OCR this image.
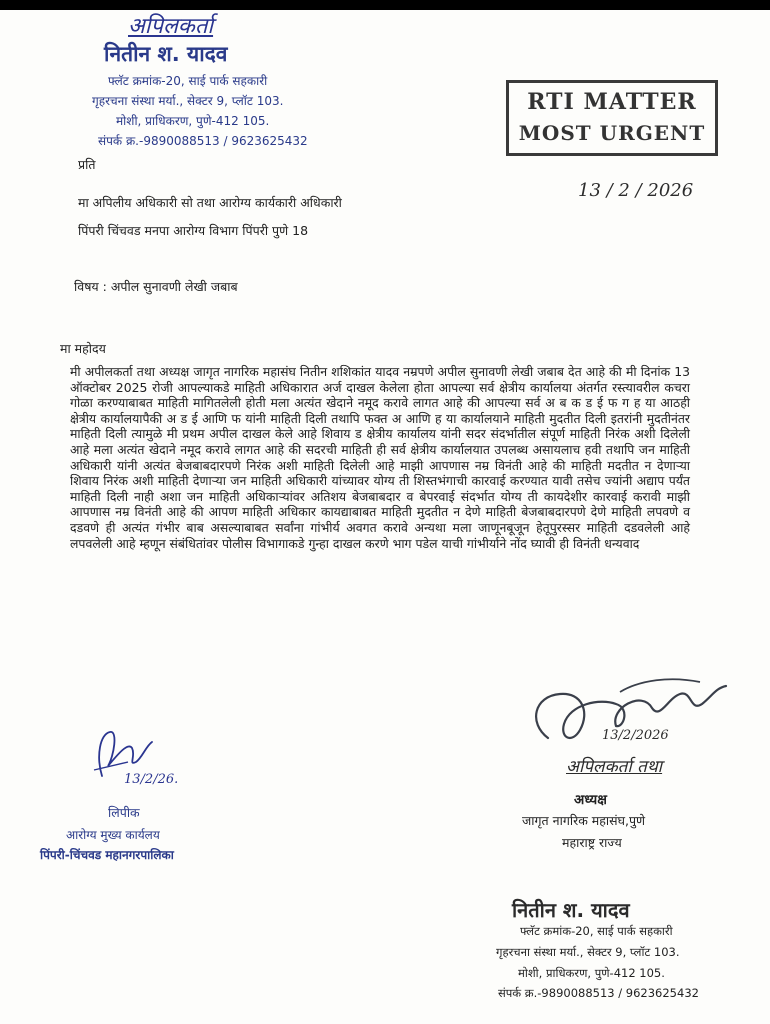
अपिलकर्ता
नितीन श. यादव
फ्लॅट क्रमांक-20, साई पार्क सहकारी
गृहरचना संस्था मर्या., सेक्टर 9, प्लॉट 103.
मोशी, प्राधिकरण, पुणे-412 105.
संपर्क क्र.-9890088513 / 9623625432
RTI MATTER
MOST URGENT
13 / 2 / 2026
प्रति
मा अपिलीय अधिकारी सो तथा आरोग्य कार्यकारी अधिकारी
पिंपरी चिंचवड मनपा आरोग्य विभाग पिंपरी पुणे 18
विषय : अपील सुनावणी लेखी जबाब
मा महोदय
मी अपीलकर्ता तथा अध्यक्ष जागृत नागरिक महासंघ नितीन शशिकांत यादव नम्रपणे अपील सुनावणी लेखी जबाब देत आहे की मी दिनांक 13 ऑक्टोबर 2025 रोजी आपल्याकडे माहिती अधिकारात अर्ज दाखल केलेला होता आपल्या सर्व क्षेत्रीय कार्यालया अंतर्गत रस्त्यावरील कचरा गोळा करण्याबाबत माहिती मागितलेली होती मला अत्यंत खेदाने नमूद करावे लागत आहे की आपल्या सर्व अ ब क ड ई फ ग ह या आठही क्षेत्रीय कार्यालयापैकी अ ड ई आणि फ यांनी माहिती दिली तथापि फक्त अ आणि ह या कार्यालयाने माहिती मुदतीत दिली इतरांनी मुदतीनंतर माहिती दिली त्यामुळे मी प्रथम अपील दाखल केले आहे शिवाय ड क्षेत्रीय कार्यालय यांनी सदर संदर्भातील संपूर्ण माहिती निरंक अशी दिलेली आहे मला अत्यंत खेदाने नमूद करावे लागत आहे की सदरची माहिती ही सर्व क्षेत्रीय कार्यालयात उपलब्ध असायलाच हवी तथापि जन माहिती अधिकारी यांनी अत्यंत बेजबाबदारपणे निरंक अशी माहिती दिलेली आहे माझी आपणास नम्र विनंती आहे की माहिती मदतीत न देणाऱ्या शिवाय निरंक अशी माहिती देणाऱ्या जन माहिती अधिकारी यांच्यावर योग्य ती शिस्तभंगाची कारवाई करण्यात यावी तसेच ज्यांनी अद्याप पर्यंत माहिती दिली नाही अशा जन माहिती अधिकाऱ्यांवर अतिशय बेजबाबदार व बेपरवाई संदर्भात योग्य ती कायदेशीर कारवाई करावी माझी आपणास नम्र विनंती आहे की आपण माहिती अधिकार कायद्याबाबत माहिती मुदतीत न देणे माहिती बेजबाबदारपणे देणे माहिती लपवणे व दडवणे ही अत्यंत गंभीर बाब असल्याबाबत सर्वांना गांभीर्य अवगत करावे अन्यथा मला जाणूनबूजून हेतूपुरस्सर माहिती दडवलेली आहे लपवलेली आहे म्हणून संबंधितांवर पोलीस विभागाकडे गुन्हा दाखल करणे भाग पडेल याची गांभीर्याने नोंद घ्यावी ही विनंती धन्यवाद
13/2/2026
अपिलकर्ता तथा
अध्यक्ष
जागृत नागरिक महासंघ,पुणे
महाराष्ट्र राज्य
13/2/26.
लिपीक
आरोग्य मुख्य कार्यलय
पिंपरी-चिंचवड महानगरपालिका
नितीन श. यादव
फ्लॅट क्रमांक-20, साई पार्क सहकारी
गृहरचना संस्था मर्या., सेक्टर 9, प्लॉट 103.
मोशी, प्राधिकरण, पुणे-412 105.
संपर्क क्र.-9890088513 / 9623625432
